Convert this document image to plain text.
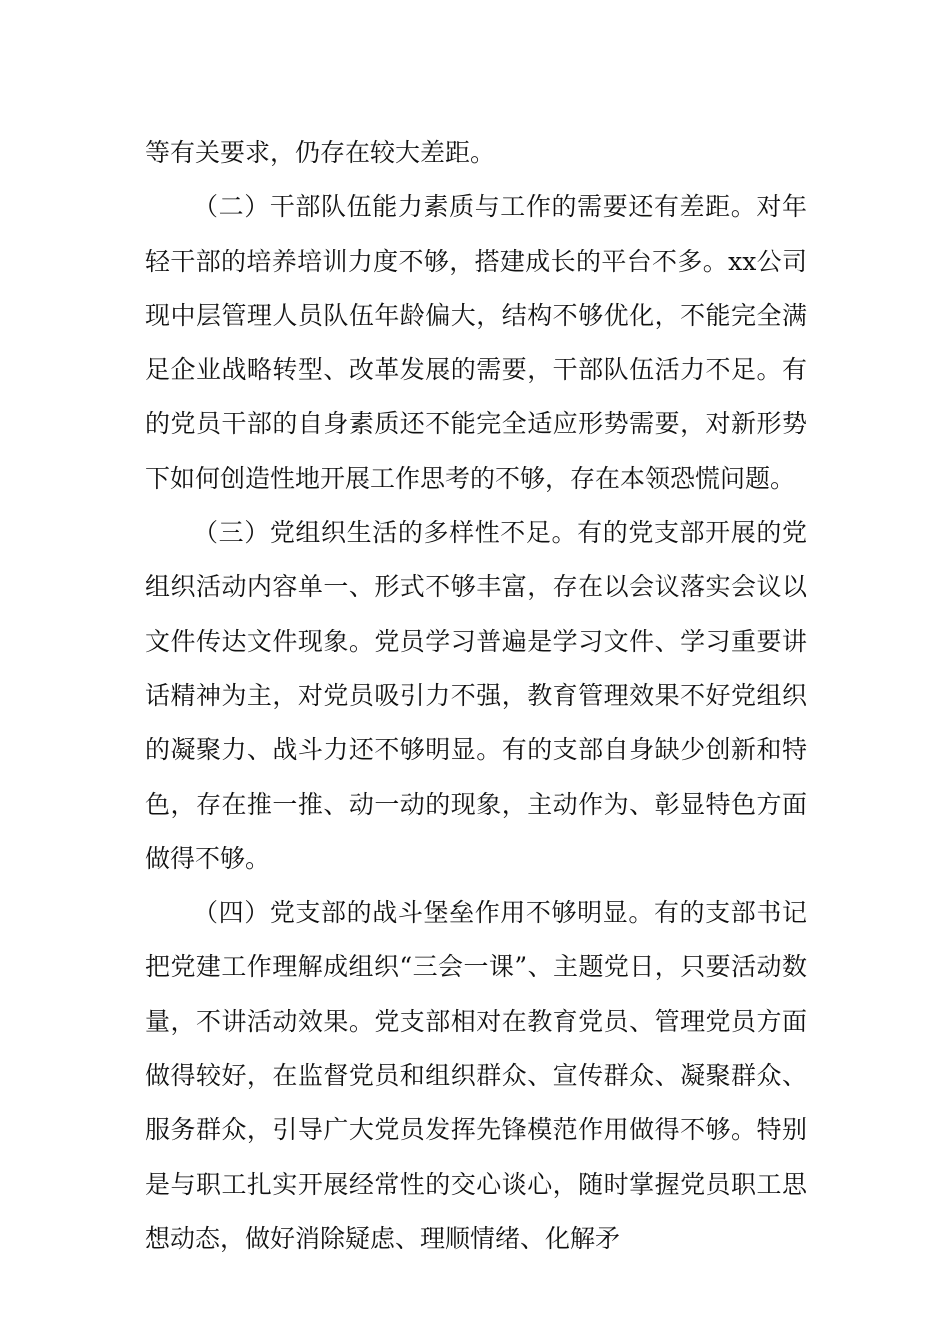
等有关要求，仍存在较大差距。

（二）干部队伍能力素质与工作的需要还有差距。对年轻干部的培养培训力度不够，搭建成长的平台不多。xx公司现中层管理人员队伍年龄偏大，结构不够优化，不能完全满足企业战略转型、改革发展的需要，干部队伍活力不足。有的党员干部的自身素质还不能完全适应形势需要，对新形势下如何创造性地开展工作思考的不够，存在本领恐慌问题。

（三）党组织生活的多样性不足。有的党支部开展的党组织活动内容单一、形式不够丰富，存在以会议落实会议以文件传达文件现象。党员学习普遍是学习文件、学习重要讲话精神为主，对党员吸引力不强，教育管理效果不好党组织的凝聚力、战斗力还不够明显。有的支部自身缺少创新和特色，存在推一推、动一动的现象，主动作为、彰显特色方面做得不够。

（四）党支部的战斗堡垒作用不够明显。有的支部书记把党建工作理解成组织“三会一课”、主题党日，只要活动数量，不讲活动效果。党支部相对在教育党员、管理党员方面做得较好，在监督党员和组织群众、宣传群众、凝聚群众、服务群众，引导广大党员发挥先锋模范作用做得不够。特别是与职工扎实开展经常性的交心谈心，随时掌握党员职工思想动态，做好消除疑虑、理顺情绪、化解矛
